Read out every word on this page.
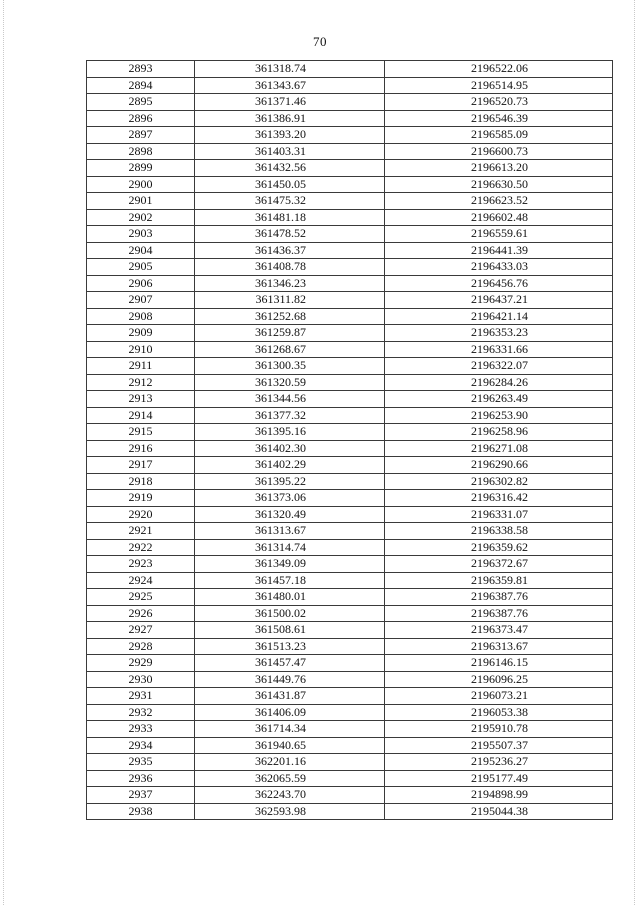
70
2893	361318.74	2196522.06
2894	361343.67	2196514.95
2895	361371.46	2196520.73
2896	361386.91	2196546.39
2897	361393.20	2196585.09
2898	361403.31	2196600.73
2899	361432.56	2196613.20
2900	361450.05	2196630.50
2901	361475.32	2196623.52
2902	361481.18	2196602.48
2903	361478.52	2196559.61
2904	361436.37	2196441.39
2905	361408.78	2196433.03
2906	361346.23	2196456.76
2907	361311.82	2196437.21
2908	361252.68	2196421.14
2909	361259.87	2196353.23
2910	361268.67	2196331.66
2911	361300.35	2196322.07
2912	361320.59	2196284.26
2913	361344.56	2196263.49
2914	361377.32	2196253.90
2915	361395.16	2196258.96
2916	361402.30	2196271.08
2917	361402.29	2196290.66
2918	361395.22	2196302.82
2919	361373.06	2196316.42
2920	361320.49	2196331.07
2921	361313.67	2196338.58
2922	361314.74	2196359.62
2923	361349.09	2196372.67
2924	361457.18	2196359.81
2925	361480.01	2196387.76
2926	361500.02	2196387.76
2927	361508.61	2196373.47
2928	361513.23	2196313.67
2929	361457.47	2196146.15
2930	361449.76	2196096.25
2931	361431.87	2196073.21
2932	361406.09	2196053.38
2933	361714.34	2195910.78
2934	361940.65	2195507.37
2935	362201.16	2195236.27
2936	362065.59	2195177.49
2937	362243.70	2194898.99
2938	362593.98	2195044.38
